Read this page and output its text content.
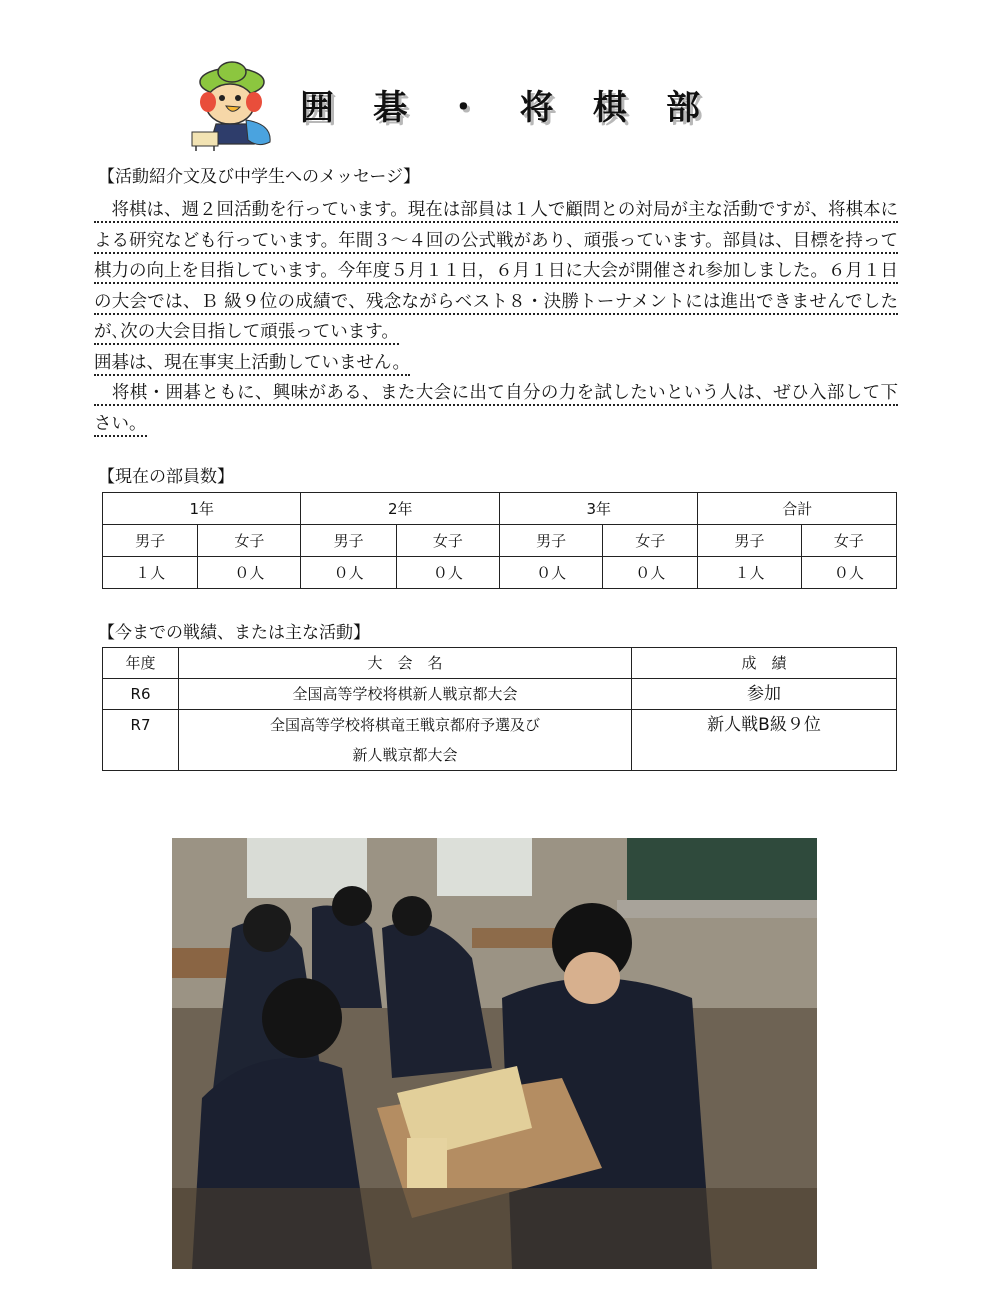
囲 碁 ・ 将 棋 部
【活動紹介文及び中学生へのメッセージ】

　将棋は、週２回活動を行っています。現在は部員は１人で顧問との対局が主な活動ですが、将棋本による研究なども行っています。年間３〜４回の公式戦があり、頑張っています。部員は、目標を持って棋力の向上を目指しています。今年度５月１１日，６月１日に大会が開催され参加しました。６月１日の大会では、Ｂ 級９位の成績で、残念ながらベスト８・決勝トーナメントには進出できませんでしたが､次の大会目指して頑張っています。

囲碁は、現在事実上活動していません。

　将棋・囲碁ともに、興味がある、また大会に出て自分の力を試したいという人は、ぜひ入部して下さい。

【現在の部員数】
1年		2年		3年		合計	
男子	女子	男子	女子	男子	女子	男子	女子
１人	０人	０人	０人	０人	０人	１人	０人
【今までの戦績、または主な活動】
年度	大　会　名	成　績
R6	全国高等学校将棋新人戦京都大会	参加
R7	全国高等学校将棋竜王戦京都府予選及び
新人戦京都大会	新人戦B級９位
